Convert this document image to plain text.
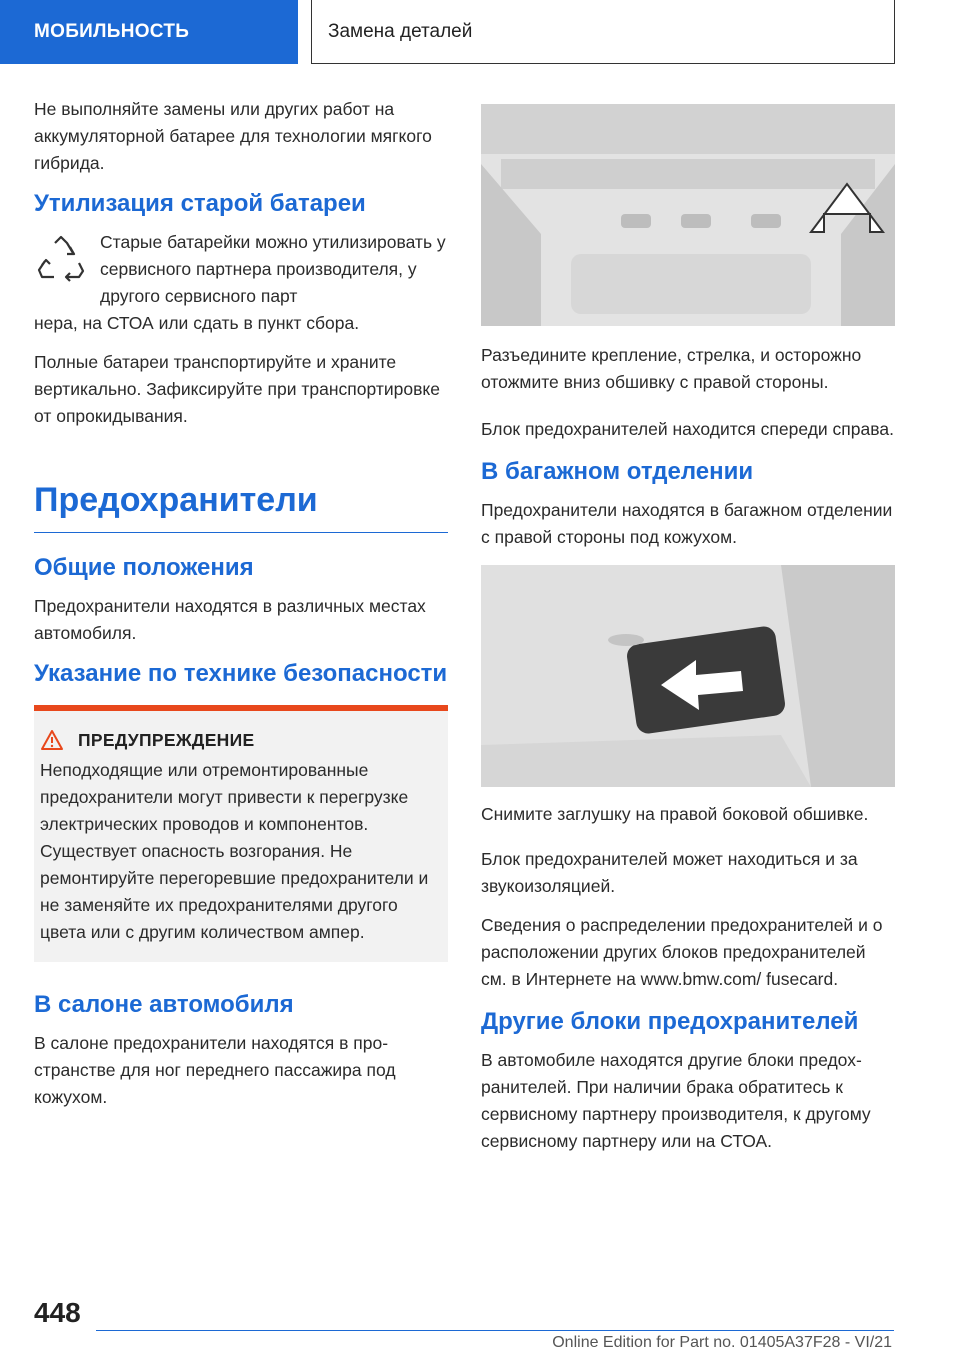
МОБИЛЬНОСТЬ	Замена деталей

Не выполняйте замены или других работ на аккумуляторной батарее для технологии мягкого гибрида.

Утилизация старой батареи

Старые батарейки можно утилизировать у сервисного партнера производителя, у другого сервисного парт

нера, на СТОА или сдать в пункт сбора.

Полные батареи транспортируйте и храните вертикально. Зафиксируйте при транспортировке от опрокидывания.

Предохранители
Общие положения

Предохранители находятся в различных местах автомобиля.

Указание по технике безопасности
ПРЕДУПРЕЖДЕНИЕ

Неподходящие или отремонтированные предохранители могут привести к перегрузке электрических проводов и компонентов. Существует опасность возгорания. Не ремонтируйте перегоревшие предохранители и не заменяйте их предохранителями другого цвета или с другим количеством ампер.

В салоне автомобиля

В салоне предохранители находятся в пространстве для ног переднего пассажира под кожухом.

Разъедините крепление, стрелка, и осторожно отожмите вниз обшивку с правой стороны.

Блок предохранителей находится спереди справа.

В багажном отделении

Предохранители находятся в багажном отделении с правой стороны под кожухом.

Снимите заглушку на правой боковой обшивке.

Блок предохранителей может находиться и за звукоизоляцией.

Сведения о распределении предохранителей и о расположении других блоков предохранителей см. в Интернете на www.bmw.com/ fusecard.

Другие блоки предохранителей

В автомобиле находятся другие блоки предохранителей. При наличии брака обратитесь к сервисному партнеру производителя, к другому сервисному партнеру или на СТОА.

448
Online Edition for Part no. 01405A37F28 - VI/21
